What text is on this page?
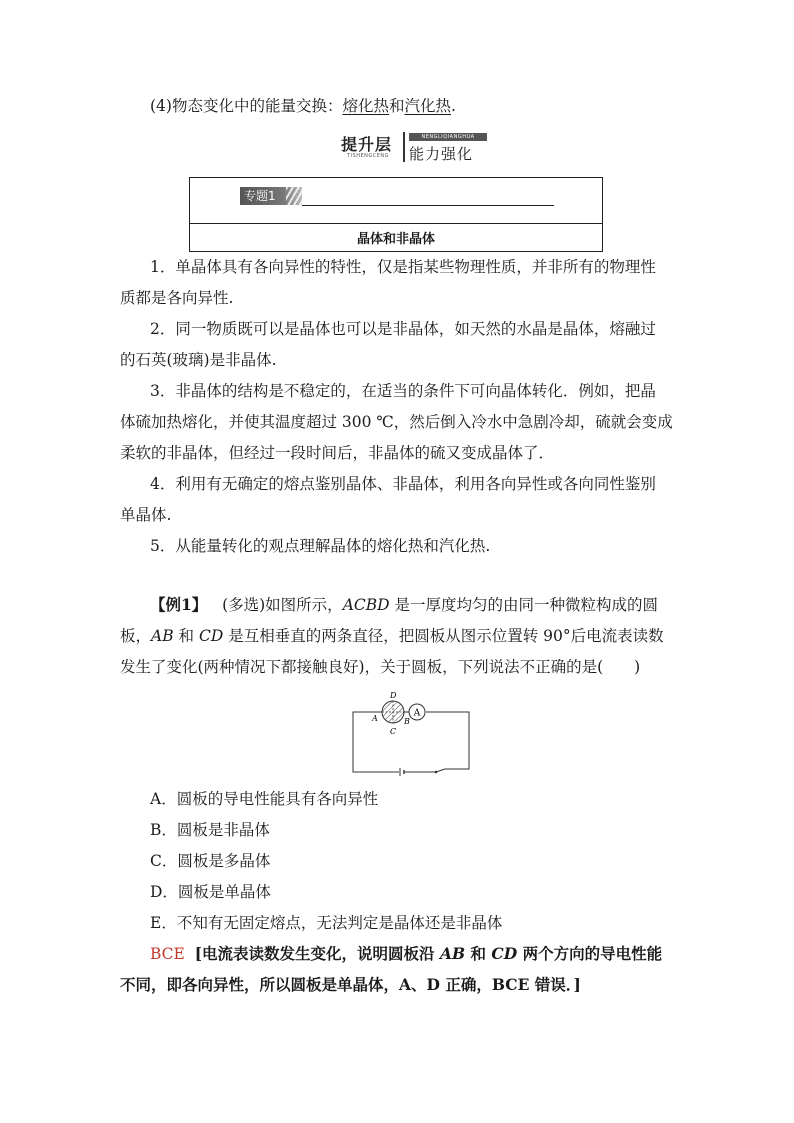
(4)物态变化中的能量交换：熔化热和汽化热.
提升层
TISHENGCENG
NENGLIQIANGHUA
能力强化
专题1
晶体和非晶体
1．单晶体具有各向异性的特性，仅是指某些物理性质，并非所有的物理性
质都是各向异性.
2．同一物质既可以是晶体也可以是非晶体，如天然的水晶是晶体，熔融过
的石英(玻璃)是非晶体.
3．非晶体的结构是不稳定的，在适当的条件下可向晶体转化．例如，把晶
体硫加热熔化，并使其温度超过 300 ℃，然后倒入冷水中急剧冷却，硫就会变成
柔软的非晶体，但经过一段时间后，非晶体的硫又变成晶体了．
4．利用有无确定的熔点鉴别晶体、非晶体，利用各向异性或各向同性鉴别
单晶体.
5．从能量转化的观点理解晶体的熔化热和汽化热.
【例1】 (多选)如图所示，ACBD 是一厚度均匀的由同一种微粒构成的圆
板，AB 和 CD 是互相垂直的两条直径，把圆板从图示位置转 90°后电流表读数
发生了变化(两种情况下都接触良好)，关于圆板，下列说法不正确的是(　　)
A
A	B
C
D
A．圆板的导电性能具有各向异性
B．圆板是非晶体
C．圆板是多晶体
D．圆板是单晶体
E．不知有无固定熔点，无法判定是晶体还是非晶体
BCE [电流表读数发生变化，说明圆板沿 AB 和 CD 两个方向的导电性能
不同，即各向异性，所以圆板是单晶体，A、D 正确，BCE 错误．]
